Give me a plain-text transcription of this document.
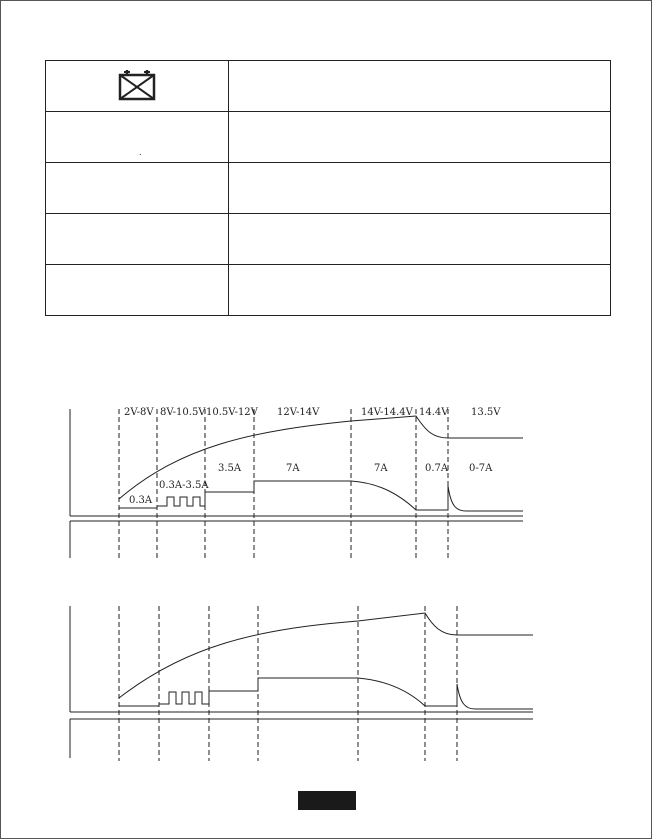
$_.$	

2V-8V 8V-10.5V 10.5V-12V 12V-14V	14V-14.4V 14.4V 13.5V
0.3A
0.3A-3.5A
3.5A	7A	7A	0.7A 0-7A
